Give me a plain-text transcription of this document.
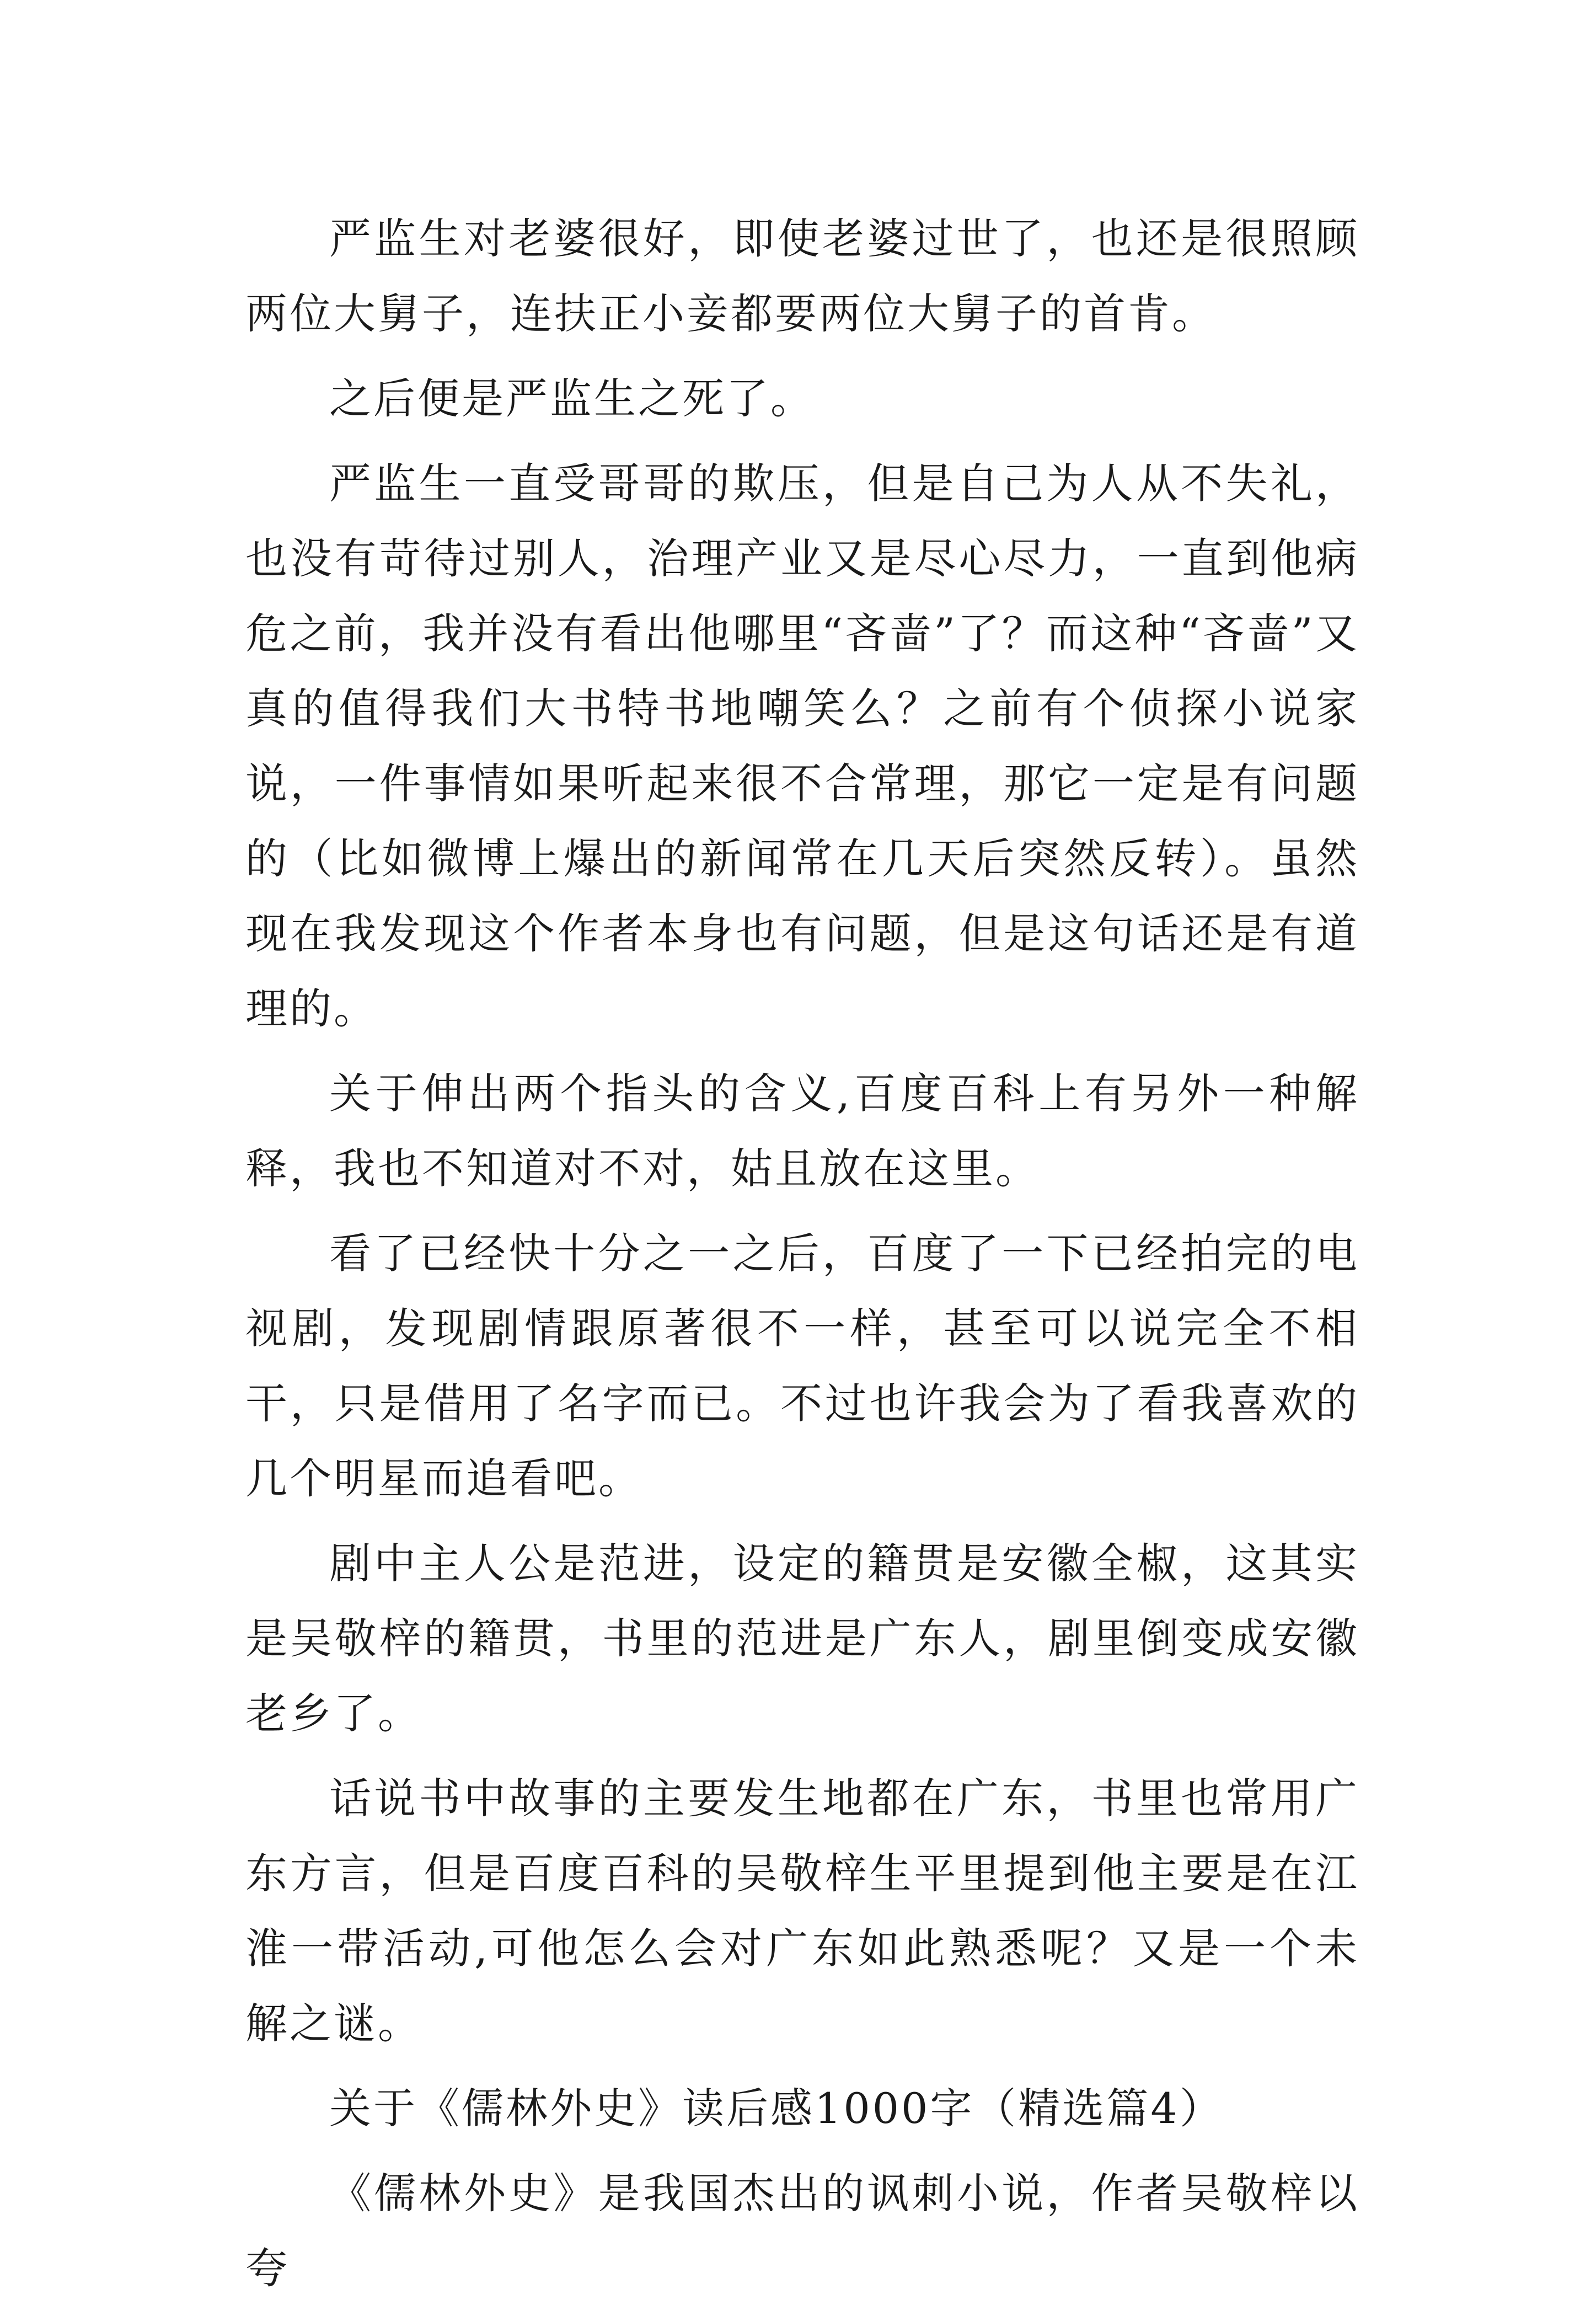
严监生对老婆很好，即使老婆过世了，也还是很照顾两位大舅子，连扶正小妾都要两位大舅子的首肯。

之后便是严监生之死了。

严监生一直受哥哥的欺压，但是自己为人从不失礼，也没有苛待过别人，治理产业又是尽心尽力，一直到他病危之前，我并没有看出他哪里“吝啬”了？而这种“吝啬”又真的值得我们大书特书地嘲笑么？之前有个侦探小说家说，一件事情如果听起来很不合常理，那它一定是有问题的（比如微博上爆出的新闻常在几天后突然反转）。虽然现在我发现这个作者本身也有问题，但是这句话还是有道理的。

关于伸出两个指头的含义,百度百科上有另外一种解释，我也不知道对不对，姑且放在这里。

看了已经快十分之一之后，百度了一下已经拍完的电视剧，发现剧情跟原著很不一样，甚至可以说完全不相干，只是借用了名字而已。不过也许我会为了看我喜欢的几个明星而追看吧。

剧中主人公是范进，设定的籍贯是安徽全椒，这其实是吴敬梓的籍贯，书里的范进是广东人，剧里倒变成安徽老乡了。

话说书中故事的主要发生地都在广东，书里也常用广东方言，但是百度百科的吴敬梓生平里提到他主要是在江淮一带活动,可他怎么会对广东如此熟悉呢？又是一个未解之谜。

关于《儒林外史》读后感1000字（精选篇4）

《儒林外史》是我国杰出的讽刺小说，作者吴敬梓以夸
